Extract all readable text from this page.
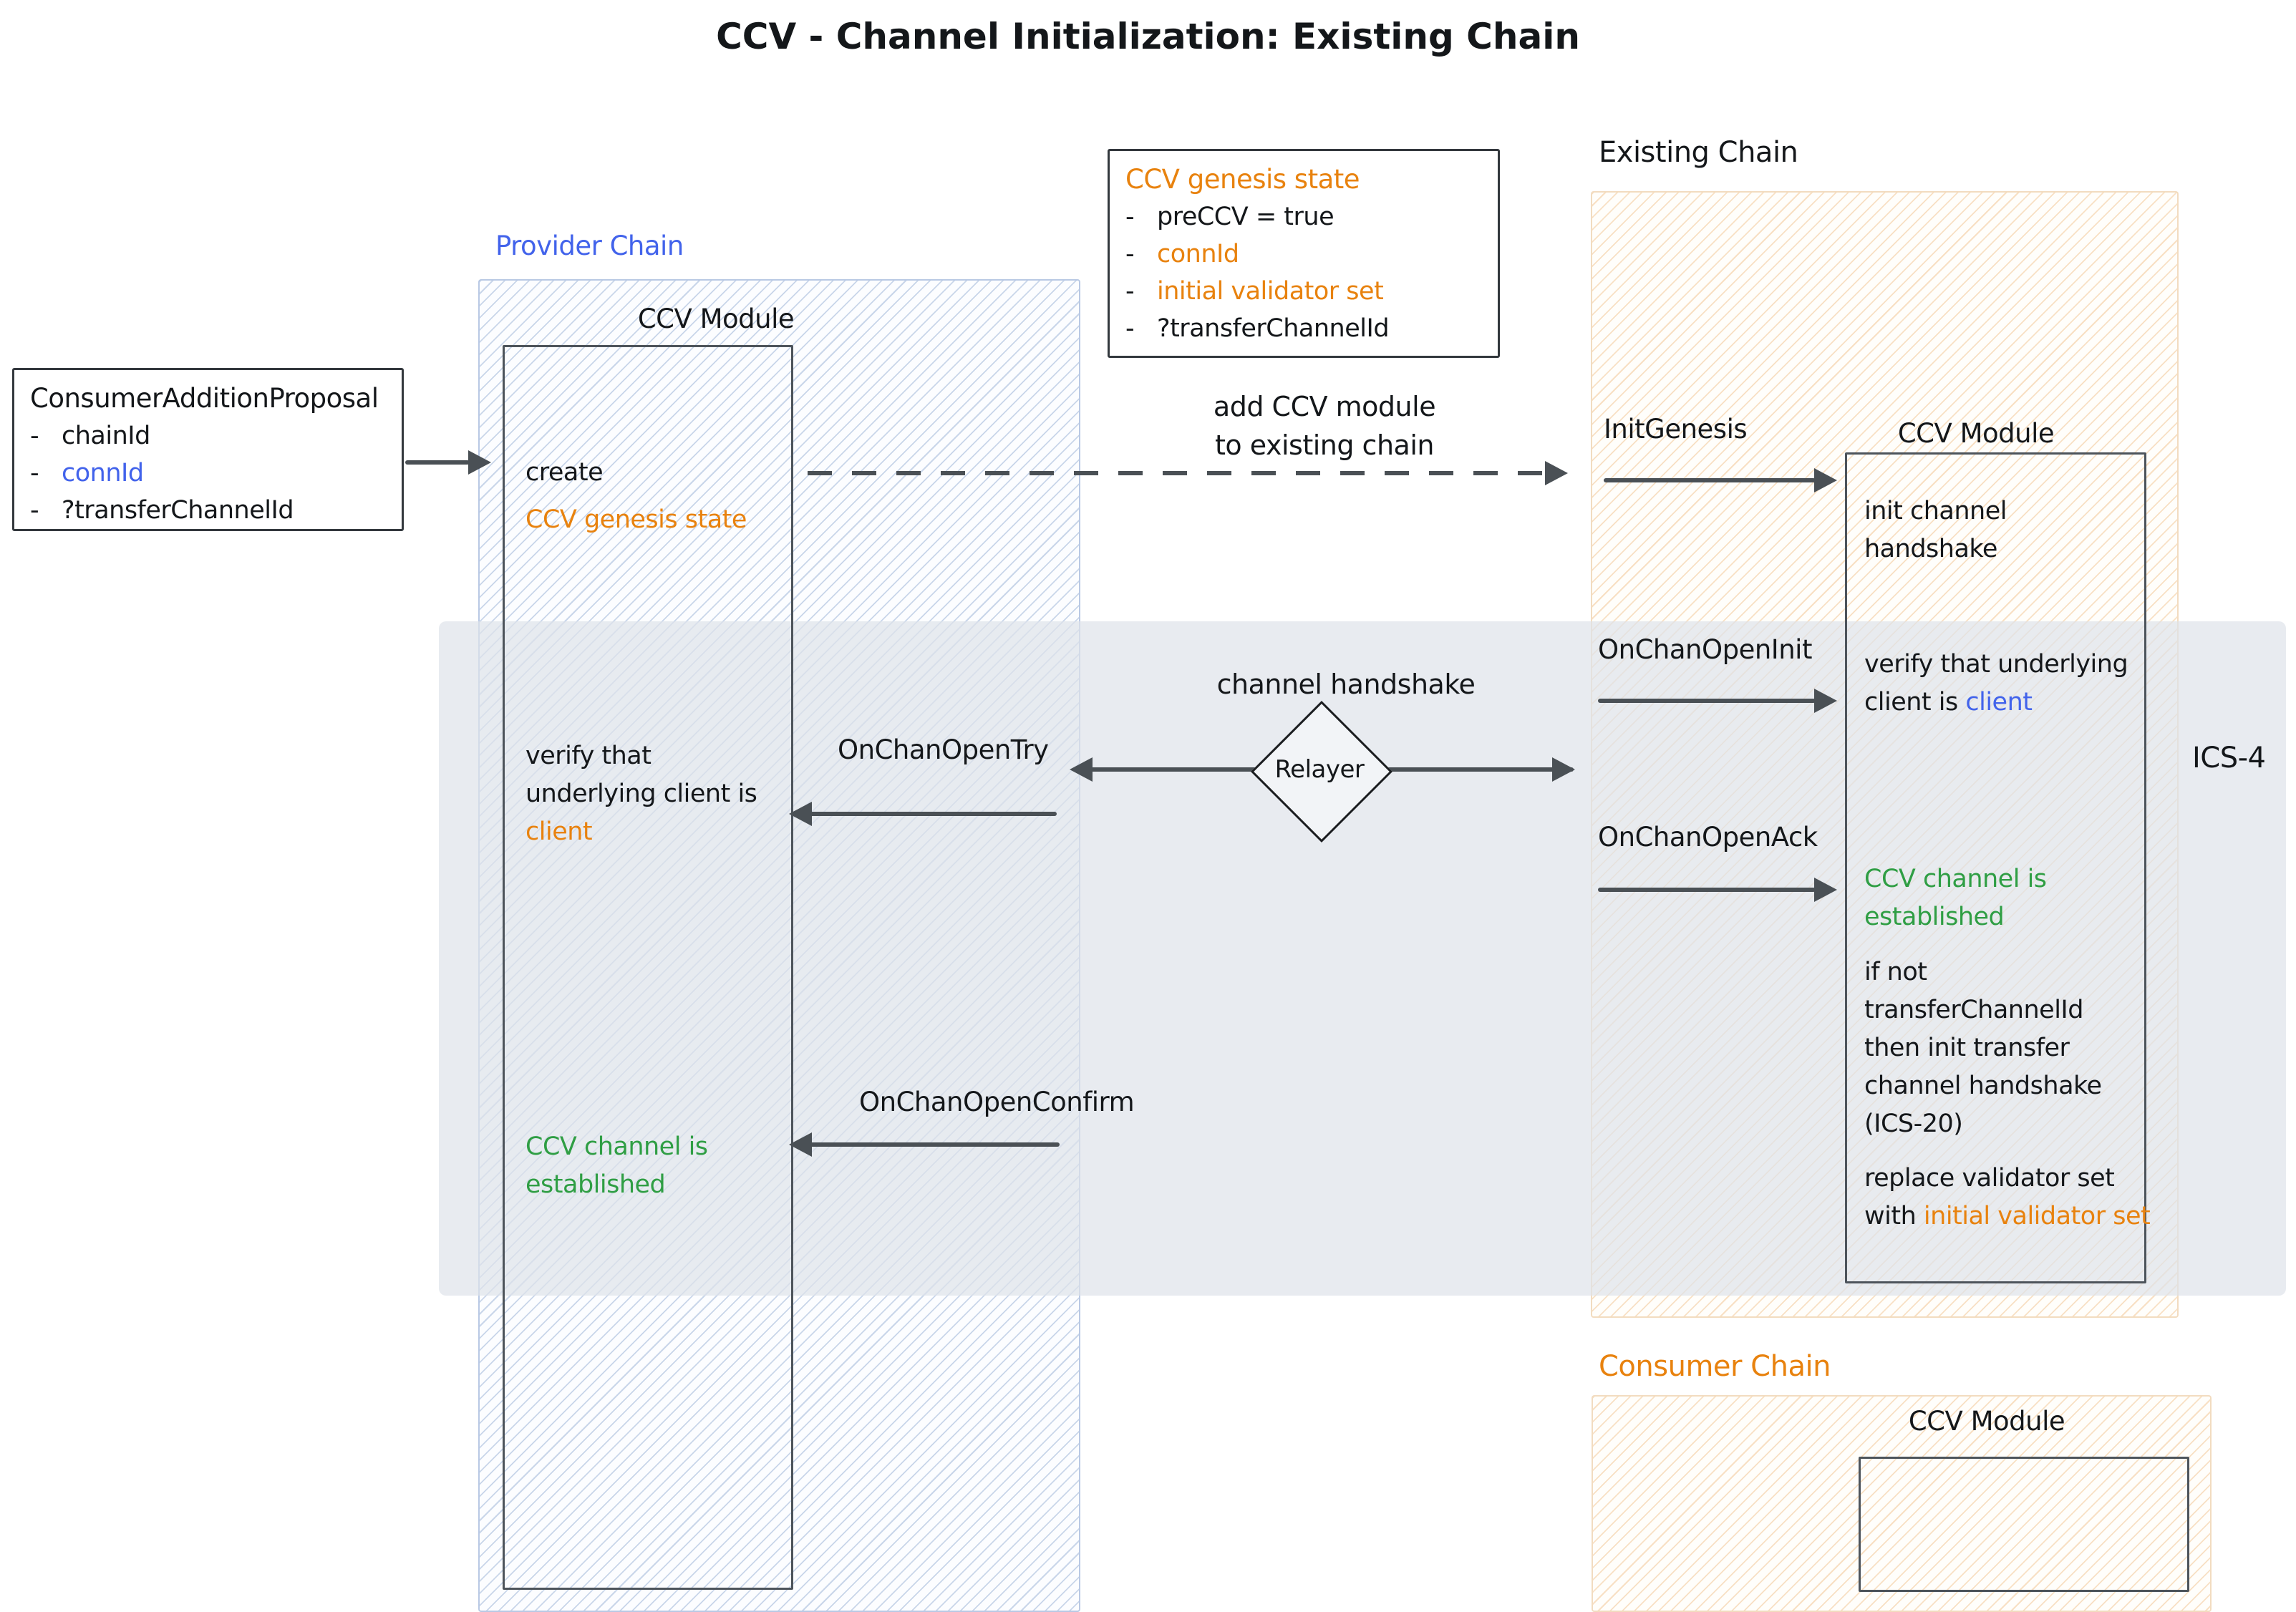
CCV - Channel Initialization: Existing Chain
Provider Chain
CCV Module
create
CCV genesis state
verify that underlying client is client
CCV channel is established
ConsumerAdditionProposal
- chainId
- connId
- ?transferChannelId
CCV genesis state
- preCCV = true
- connId
- initial validator set
- ?transferChannelId
add CCV module
to existing chain
Existing Chain
CCV Module
InitGenesis
OnChanOpenInit
OnChanOpenAck
init channel handshake
verify that underlying client is client
CCV channel is established
if not transferChannelId then init transfer channel handshake (ICS-20)
replace validator set with initial validator set
channel handshake
Relayer
OnChanOpenTry
OnChanOpenConfirm
ICS-4
Consumer Chain
CCV Module
